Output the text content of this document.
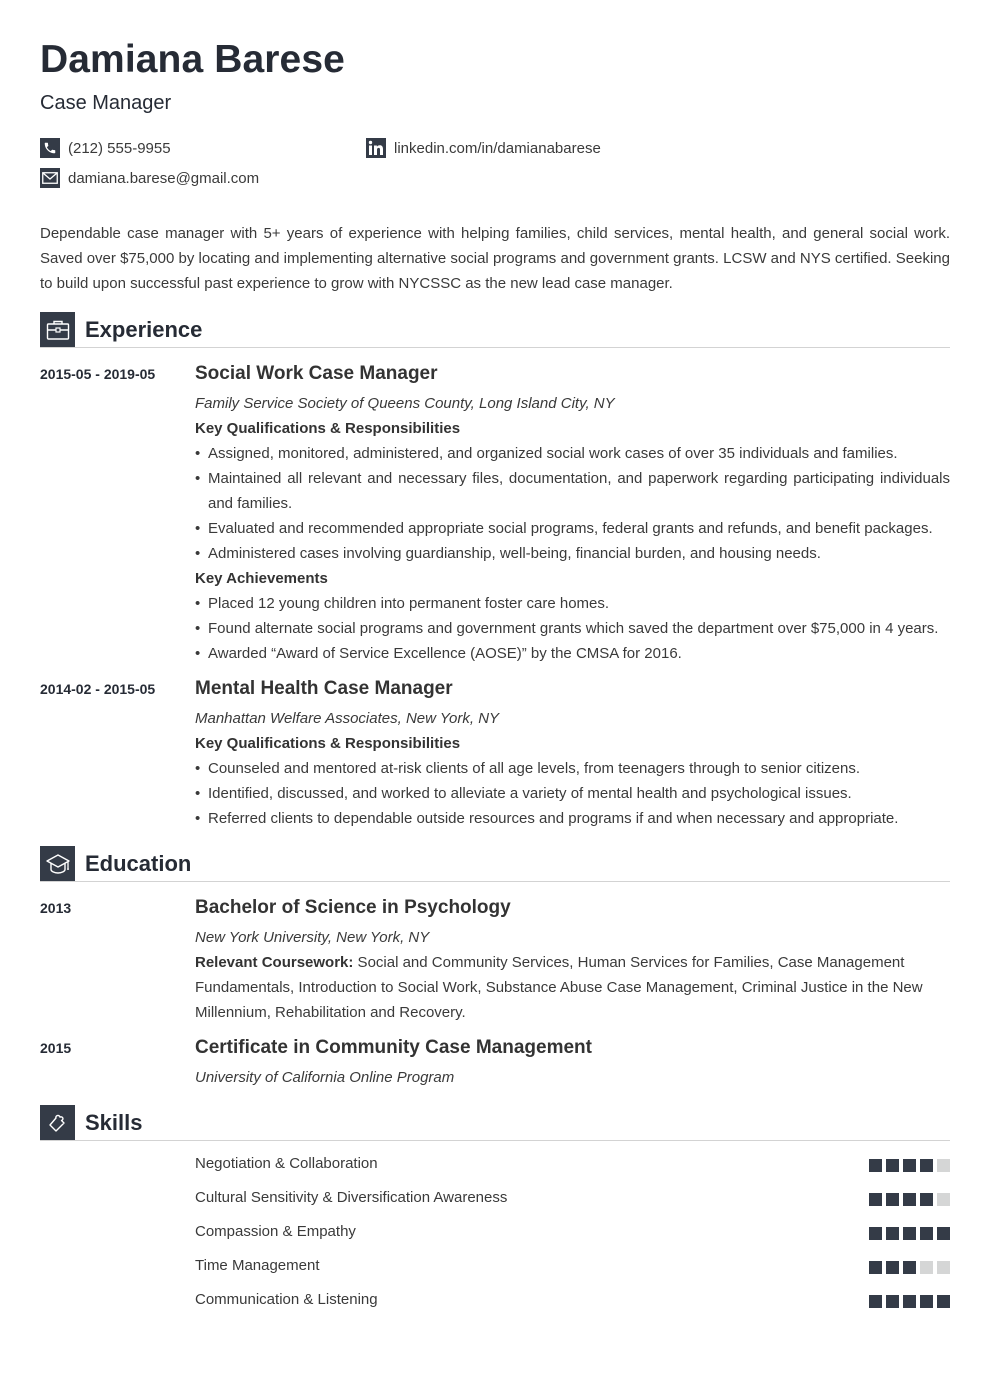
Damiana Barese
Case Manager
(212) 555-9955
damiana.barese@gmail.com
linkedin.com/in/damianabarese
Dependable case manager with 5+ years of experience with helping families, child services, mental health, and general social work. Saved over $75,000 by locating and implementing alternative social programs and government grants. LCSW and NYS certified. Seeking to build upon successful past experience to grow with NYCSSC as the new lead case manager.
Experience
2015-05 - 2019-05 Social Work Case Manager
Family Service Society of Queens County, Long Island City, NY
Key Qualifications & Responsibilities
• Assigned, monitored, administered, and organized social work cases of over 35 individuals and families.
• Maintained all relevant and necessary files, documentation, and paperwork regarding participating individuals and families.
• Evaluated and recommended appropriate social programs, federal grants and refunds, and benefit packages.
• Administered cases involving guardianship, well-being, financial burden, and housing needs.
Key Achievements
• Placed 12 young children into permanent foster care homes.
• Found alternate social programs and government grants which saved the department over $75,000 in 4 years.
• Awarded “Award of Service Excellence (AOSE)” by the CMSA for 2016.
2014-02 - 2015-05 Mental Health Case Manager
Manhattan Welfare Associates, New York, NY
Key Qualifications & Responsibilities
• Counseled and mentored at-risk clients of all age levels, from teenagers through to senior citizens.
• Identified, discussed, and worked to alleviate a variety of mental health and psychological issues.
• Referred clients to dependable outside resources and programs if and when necessary and appropriate.
Education
2013	Bachelor of Science in Psychology
New York University, New York, NY
Relevant Coursework: Social and Community Services, Human Services for Families, Case Management Fundamentals, Introduction to Social Work, Substance Abuse Case Management, Criminal Justice in the New Millennium, Rehabilitation and Recovery.
2015	Certificate in Community Case Management
University of California Online Program
Skills
Negotiation & Collaboration
Cultural Sensitivity & Diversification Awareness
Compassion & Empathy
Time Management
Communication & Listening
